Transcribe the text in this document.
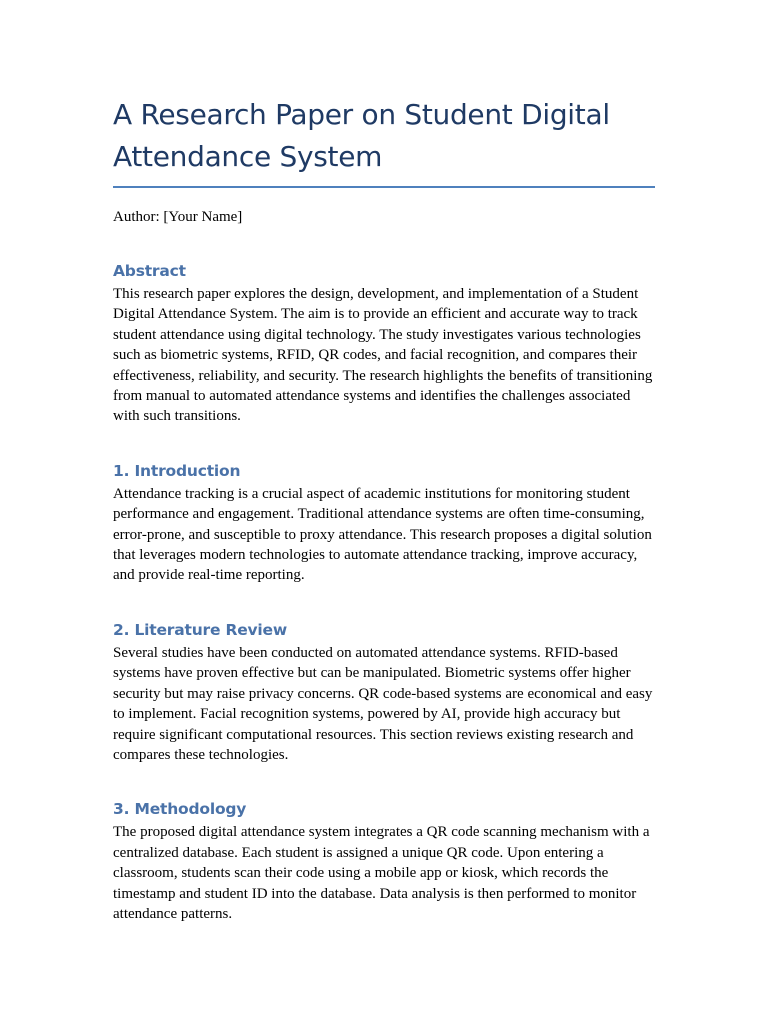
A Research Paper on Student Digital Attendance System

Author: [Your Name]

Abstract

This research paper explores the design, development, and implementation of a Student Digital Attendance System. The aim is to provide an efficient and accurate way to track student attendance using digital technology. The study investigates various technologies such as biometric systems, RFID, QR codes, and facial recognition, and compares their effectiveness, reliability, and security. The research highlights the benefits of transitioning from manual to automated attendance systems and identifies the challenges associated with such transitions.

1. Introduction

Attendance tracking is a crucial aspect of academic institutions for monitoring student performance and engagement. Traditional attendance systems are often time-consuming, error-prone, and susceptible to proxy attendance. This research proposes a digital solution that leverages modern technologies to automate attendance tracking, improve accuracy, and provide real-time reporting.

2. Literature Review

Several studies have been conducted on automated attendance systems. RFID-based systems have proven effective but can be manipulated. Biometric systems offer higher security but may raise privacy concerns. QR code-based systems are economical and easy to implement. Facial recognition systems, powered by AI, provide high accuracy but require significant computational resources. This section reviews existing research and compares these technologies.

3. Methodology

The proposed digital attendance system integrates a QR code scanning mechanism with a centralized database. Each student is assigned a unique QR code. Upon entering a classroom, students scan their code using a mobile app or kiosk, which records the timestamp and student ID into the database. Data analysis is then performed to monitor attendance patterns.
